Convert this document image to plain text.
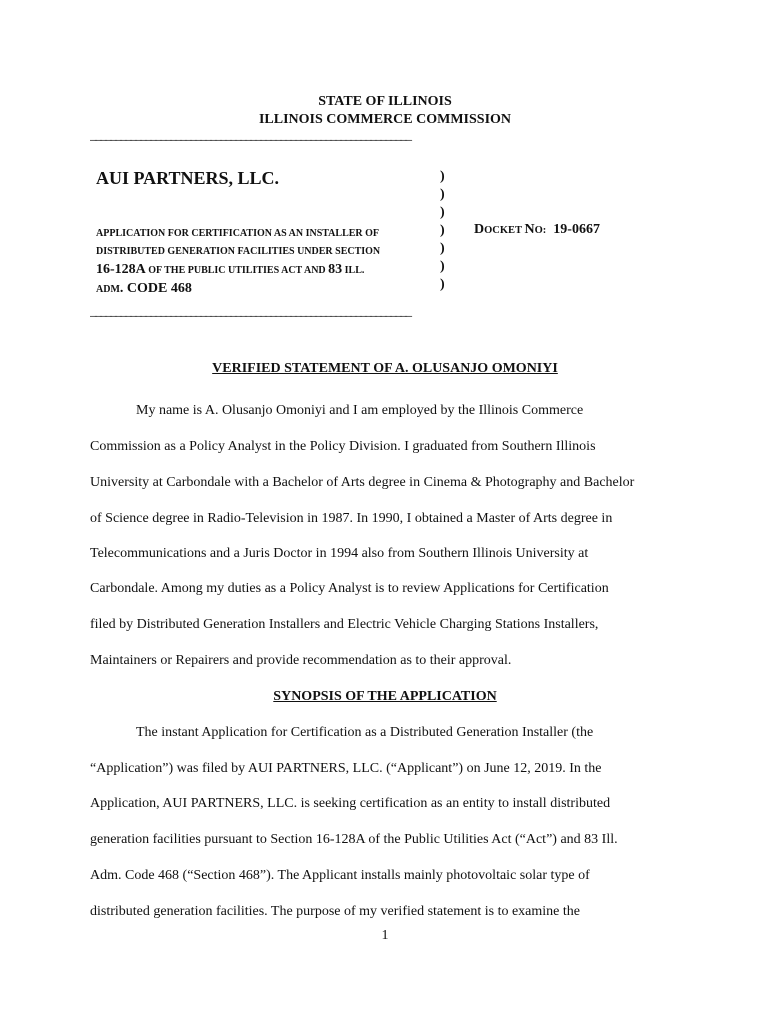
STATE OF ILLINOIS
ILLINOIS COMMERCE COMMISSION
________________________________________________________________
AUI PARTNERS, LLC.
APPLICATION FOR CERTIFICATION AS AN INSTALLER OF
DISTRIBUTED GENERATION FACILITIES UNDER SECTION
16-128A OF THE PUBLIC UTILITIES ACT AND 83 ILL.
ADM. CODE 468
)
)
)
)
)
)
)
DOCKET NO: 19-0667
________________________________________________________________
VERIFIED STATEMENT OF A. OLUSANJO OMONIYI
My name is A. Olusanjo Omoniyi and I am employed by the Illinois Commerce
Commission as a Policy Analyst in the Policy Division. I graduated from Southern Illinois
University at Carbondale with a Bachelor of Arts degree in Cinema & Photography and Bachelor
of Science degree in Radio-Television in 1987. In 1990, I obtained a Master of Arts degree in
Telecommunications and a Juris Doctor in 1994 also from Southern Illinois University at
Carbondale. Among my duties as a Policy Analyst is to review Applications for Certification
filed by Distributed Generation Installers and Electric Vehicle Charging Stations Installers,
Maintainers or Repairers and provide recommendation as to their approval.
SYNOPSIS OF THE APPLICATION
The instant Application for Certification as a Distributed Generation Installer (the
“Application”) was filed by AUI PARTNERS, LLC. (“Applicant”) on June 12, 2019. In the
Application, AUI PARTNERS, LLC. is seeking certification as an entity to install distributed
generation facilities pursuant to Section 16-128A of the Public Utilities Act (“Act”) and 83 Ill.
Adm. Code 468 (“Section 468”). The Applicant installs mainly photovoltaic solar type of
distributed generation facilities. The purpose of my verified statement is to examine the
1
